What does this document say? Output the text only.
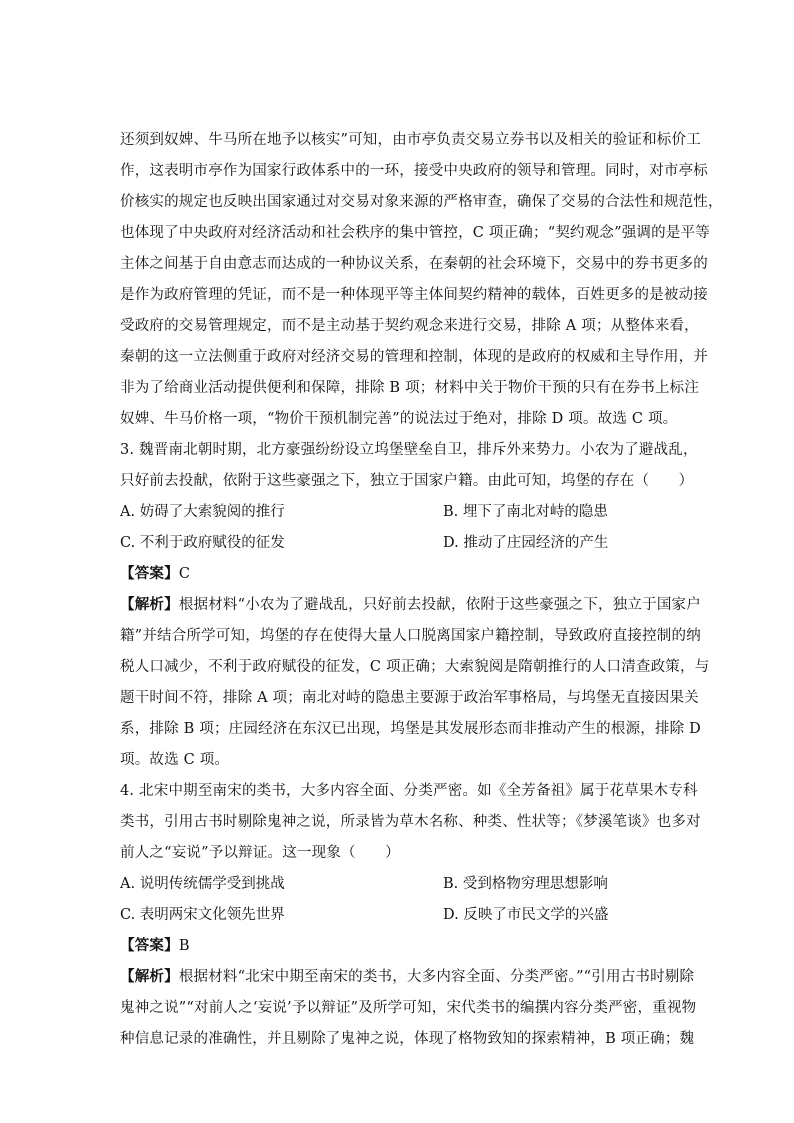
还须到奴婢、牛马所在地予以核实”可知，由市亭负责交易立券书以及相关的验证和标价工
作，这表明市亭作为国家行政体系中的一环，接受中央政府的领导和管理。同时，对市亭标
价核实的规定也反映出国家通过对交易对象来源的严格审查，确保了交易的合法性和规范性，
也体现了中央政府对经济活动和社会秩序的集中管控，C 项正确；“契约观念”强调的是平等
主体之间基于自由意志而达成的一种协议关系，在秦朝的社会环境下，交易中的券书更多的
是作为政府管理的凭证，而不是一种体现平等主体间契约精神的载体，百姓更多的是被动接
受政府的交易管理规定，而不是主动基于契约观念来进行交易，排除 A 项；从整体来看，
秦朝的这一立法侧重于政府对经济交易的管理和控制，体现的是政府的权威和主导作用，并
非为了给商业活动提供便利和保障，排除 B 项；材料中关于物价干预的只有在券书上标注
奴婢、牛马价格一项，“物价干预机制完善”的说法过于绝对，排除 D 项。故选 C 项。
3. 魏晋南北朝时期，北方豪强纷纷设立坞堡壁垒自卫，排斥外来势力。小农为了避战乱，
只好前去投献，依附于这些豪强之下，独立于国家户籍。由此可知，坞堡的存在（　　）
A. 妨碍了大索貌阅的推行	B. 埋下了南北对峙的隐患
C. 不利于政府赋役的征发	D. 推动了庄园经济的产生
【答案】C
【解析】根据材料“小农为了避战乱，只好前去投献，依附于这些豪强之下，独立于国家户
籍”并结合所学可知，坞堡的存在使得大量人口脱离国家户籍控制，导致政府直接控制的纳
税人口减少，不利于政府赋役的征发，C 项正确；大索貌阅是隋朝推行的人口清查政策，与
题干时间不符，排除 A 项；南北对峙的隐患主要源于政治军事格局，与坞堡无直接因果关
系，排除 B 项；庄园经济在东汉已出现，坞堡是其发展形态而非推动产生的根源，排除 D
项。故选 C 项。
4. 北宋中期至南宋的类书，大多内容全面、分类严密。如《全芳备祖》属于花草果木专科
类书，引用古书时剔除鬼神之说，所录皆为草木名称、种类、性状等；《梦溪笔谈》也多对
前人之“妄说”予以辩证。这一现象（　　）
A. 说明传统儒学受到挑战	B. 受到格物穷理思想影响
C. 表明两宋文化领先世界	D. 反映了市民文学的兴盛
【答案】B
【解析】根据材料“北宋中期至南宋的类书，大多内容全面、分类严密。”“引用古书时剔除
鬼神之说”“对前人之‘妄说’予以辩证”及所学可知，宋代类书的编撰内容分类严密，重视物
种信息记录的准确性，并且剔除了鬼神之说，体现了格物致知的探索精神，B 项正确；魏
